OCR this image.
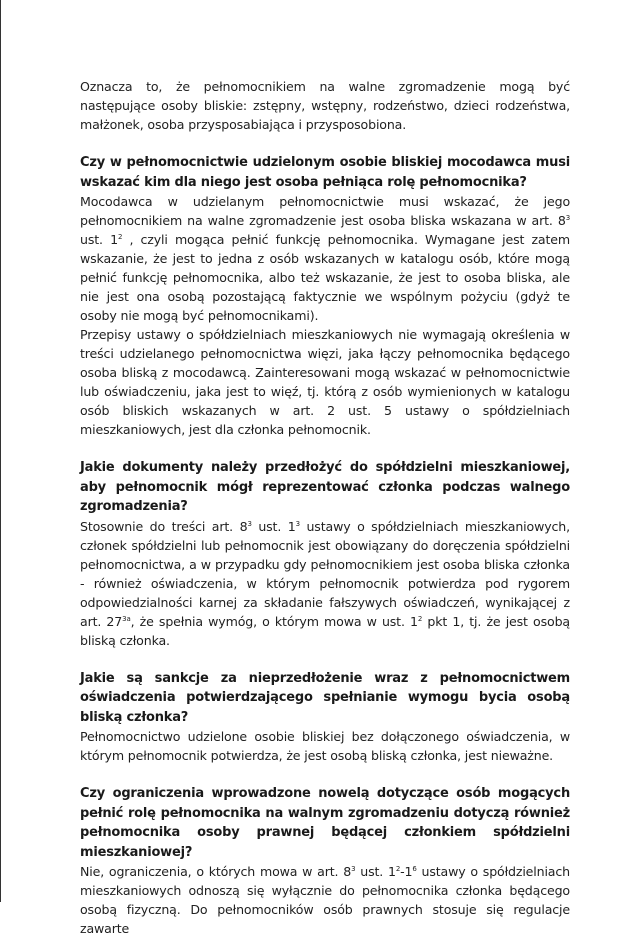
Oznacza to, że pełnomocnikiem na walne zgromadzenie mogą być następujące osoby bliskie: zstępny, wstępny, rodzeństwo, dzieci rodzeństwa, małżonek, osoba przysposabiająca i przysposobiona.

Czy w pełnomocnictwie udzielonym osobie bliskiej mocodawca musi wskazać kim dla niego jest osoba pełniąca rolę pełnomocnika?

Mocodawca w udzielanym pełnomocnictwie musi wskazać, że jego pełnomocnikiem na walne zgromadzenie jest osoba bliska wskazana w art. $8^3$ ust. $1^2$ , czyli mogąca pełnić funkcję pełnomocnika. Wymagane jest zatem wskazanie, że jest to jedna z osób wskazanych w katalogu osób, które mogą pełnić funkcję pełnomocnika, albo też wskazanie, że jest to osoba bliska, ale nie jest ona osobą pozostającą faktycznie we wspólnym pożyciu (gdyż te osoby nie mogą być pełnomocnikami).

Przepisy ustawy o spółdzielniach mieszkaniowych nie wymagają określenia w treści udzielanego pełnomocnictwa więzi, jaka łączy pełnomocnika będącego osoba bliską z mocodawcą. Zainteresowani mogą wskazać w pełnomocnictwie lub oświadczeniu, jaka jest to więź, tj. którą z osób wymienionych w katalogu osób bliskich wskazanych w art. 2 ust. 5 ustawy o spółdzielniach mieszkaniowych, jest dla członka pełnomocnik.

Jakie dokumenty należy przedłożyć do spółdzielni mieszkaniowej, aby pełnomocnik mógł reprezentować członka podczas walnego zgromadzenia?

Stosownie do treści art. $8^3$ ust. $1^3$ ustawy o spółdzielniach mieszkaniowych, członek spółdzielni lub pełnomocnik jest obowiązany do doręczenia spółdzielni pełnomocnictwa, a w przypadku gdy pełnomocnikiem jest osoba bliska członka - również oświadczenia, w którym pełnomocnik potwierdza pod rygorem odpowiedzialności karnej za składanie fałszywych oświadczeń, wynikającej z art. $27^{3a}$, że spełnia wymóg, o którym mowa w ust. $1^2$ pkt 1, tj. że jest osobą bliską członka.

Jakie są sankcje za nieprzedłożenie wraz z pełnomocnictwem oświadczenia potwierdzającego spełnianie wymogu bycia osobą bliską członka?

Pełnomocnictwo udzielone osobie bliskiej bez dołączonego oświadczenia, w którym pełnomocnik potwierdza, że jest osobą bliską członka, jest nieważne.

Czy ograniczenia wprowadzone nowelą dotyczące osób mogących pełnić rolę pełnomocnika na walnym zgromadzeniu dotyczą również pełnomocnika osoby prawnej będącej członkiem spółdzielni mieszkaniowej?

Nie, ograniczenia, o których mowa w art. $8^3$ ust. $1^2-1^6$ ustawy o spółdzielniach mieszkaniowych odnoszą się wyłącznie do pełnomocnika członka będącego osobą fizyczną. Do pełnomocników osób prawnych stosuje się regulacje zawarte
